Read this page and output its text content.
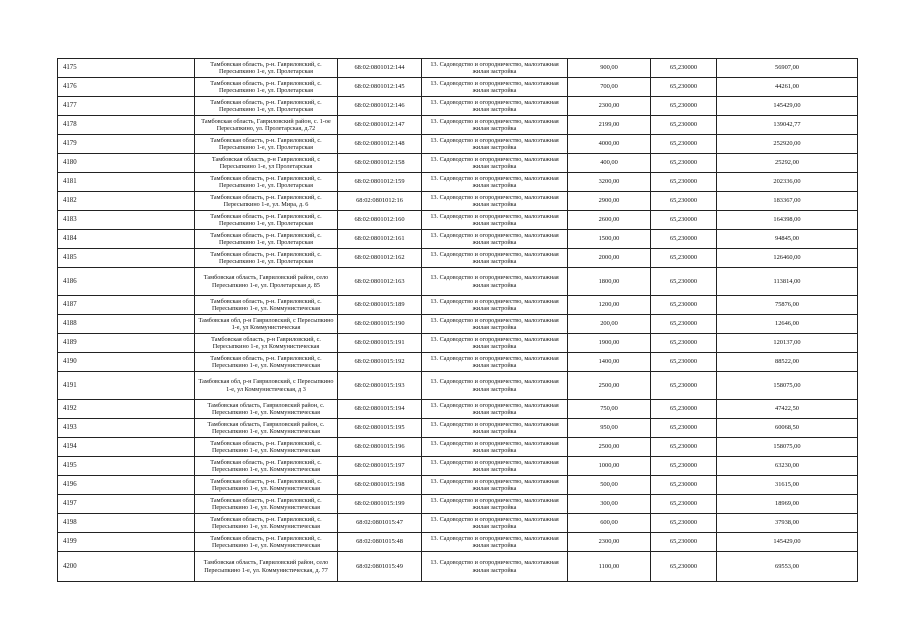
4175	Тамбовская область, р-н. Гавриловский, с. Пересыпкино 1-е, ул. Пролетарская	68:02:0801012:144	13. Садоводство и огородничество, малоэтажная жилая застройка	900,00	65,230000	56907,00
4176	Тамбовская область, р-н. Гавриловский, с. Пересыпкино 1-е, ул. Пролетарская	68:02:0801012:145	13. Садоводство и огородничество, малоэтажная жилая застройка	700,00	65,230000	44261,00
4177	Тамбовская область, р-н. Гавриловский, с. Пересыпкино 1-е, ул. Пролетарская	68:02:0801012:146	13. Садоводство и огородничество, малоэтажная жилая застройка	2300,00	65,230000	145429,00
4178	Тамбовская область, Гавриловский район, с. 1-ое Пересыпкино, ул. Пролетарская, д.72	68:02:0801012:147	13. Садоводство и огородничество, малоэтажная жилая застройка	2199,00	65,230000	139042,77
4179	Тамбовская область, р-н. Гавриловский, с. Пересыпкино 1-е, ул. Пролетарская	68:02:0801012:148	13. Садоводство и огородничество, малоэтажная жилая застройка	4000,00	65,230000	252920,00
4180	Тамбовская область, р-н Гавриловский, с Пересыпкино 1-е, ул Пролетарская	68:02:0801012:158	13. Садоводство и огородничество, малоэтажная жилая застройка	400,00	65,230000	25292,00
4181	Тамбовская область, р-н. Гавриловский, с. Пересыпкино 1-е, ул. Пролетарская	68:02:0801012:159	13. Садоводство и огородничество, малоэтажная жилая застройка	3200,00	65,230000	202336,00
4182	Тамбовская область, р-н. Гавриловский, с. Пересыпкино 1-е, ул. Мира, д. 6	68:02:0801012:16	13. Садоводство и огородничество, малоэтажная жилая застройка	2900,00	65,230000	183367,00
4183	Тамбовская область, р-н. Гавриловский, с. Пересыпкино 1-е, ул. Пролетарская	68:02:0801012:160	13. Садоводство и огородничество, малоэтажная жилая застройка	2600,00	65,230000	164398,00
4184	Тамбовская область, р-н. Гавриловский, с. Пересыпкино 1-е, ул. Пролетарская	68:02:0801012:161	13. Садоводство и огородничество, малоэтажная жилая застройка	1500,00	65,230000	94845,00
4185	Тамбовская область, р-н. Гавриловский, с. Пересыпкино 1-е, ул. Пролетарская	68:02:0801012:162	13. Садоводство и огородничество, малоэтажная жилая застройка	2000,00	65,230000	126460,00
4186	Тамбовская область, Гавриловский район, село Пересыпкино 1-е, ул. Пролетарская д. 85	68:02:0801012:163	13. Садоводство и огородничество, малоэтажная жилая застройка	1800,00	65,230000	113814,00
4187	Тамбовская область, р-н. Гавриловский, с. Пересыпкино 1-е, ул. Коммунистическая	68:02:0801015:189	13. Садоводство и огородничество, малоэтажная жилая застройка	1200,00	65,230000	75876,00
4188	Тамбовская обл, р-н Гавриловский, с Пересыпкино 1-е, ул Коммунистическая	68:02:0801015:190	13. Садоводство и огородничество, малоэтажная жилая застройка	200,00	65,230000	12646,00
4189	Тамбовская область, р-н Гавриловский, с. Пересыпкино 1-е, ул Коммунистическая	68:02:0801015:191	13. Садоводство и огородничество, малоэтажная жилая застройка	1900,00	65,230000	120137,00
4190	Тамбовская область, р-н. Гавриловский, с. Пересыпкино 1-е, ул. Коммунистическая	68:02:0801015:192	13. Садоводство и огородничество, малоэтажная жилая застройка	1400,00	65,230000	88522,00
4191	Тамбовская обл, р-н Гавриловский, с Пересыпкино 1-е, ул Коммунистическая, д 3	68:02:0801015:193	13. Садоводство и огородничество, малоэтажная жилая застройка	2500,00	65,230000	158075,00
4192	Тамбовская область, Гавриловский район, с. Пересыпкино 1-е, ул. Коммунистическая	68:02:0801015:194	13. Садоводство и огородничество, малоэтажная жилая застройка	750,00	65,230000	47422,50
4193	Тамбовская область, Гавриловский район, с. Пересыпкино 1-е, ул. Коммунистическая	68:02:0801015:195	13. Садоводство и огородничество, малоэтажная жилая застройка	950,00	65,230000	60068,50
4194	Тамбовская область, р-н. Гавриловский, с. Пересыпкино 1-е, ул. Коммунистическая	68:02:0801015:196	13. Садоводство и огородничество, малоэтажная жилая застройка	2500,00	65,230000	158075,00
4195	Тамбовская область, р-н. Гавриловский, с. Пересыпкино 1-е, ул. Коммунистическая	68:02:0801015:197	13. Садоводство и огородничество, малоэтажная жилая застройка	1000,00	65,230000	63230,00
4196	Тамбовская область, р-н. Гавриловский, с. Пересыпкино 1-е, ул. Коммунистическая	68:02:0801015:198	13. Садоводство и огородничество, малоэтажная жилая застройка	500,00	65,230000	31615,00
4197	Тамбовская область, р-н. Гавриловский, с. Пересыпкино 1-е, ул. Коммунистическая	68:02:0801015:199	13. Садоводство и огородничество, малоэтажная жилая застройка	300,00	65,230000	18969,00
4198	Тамбовская область, р-н. Гавриловский, с. Пересыпкино 1-е, ул. Коммунистическая	68:02:0801015:47	13. Садоводство и огородничество, малоэтажная жилая застройка	600,00	65,230000	37938,00
4199	Тамбовская область, р-н. Гавриловский, с. Пересыпкино 1-е, ул. Коммунистическая	68:02:0801015:48	13. Садоводство и огородничество, малоэтажная жилая застройка	2300,00	65,230000	145429,00
4200	Тамбовская область, Гавриловский район, село Пересыпкино 1-е, ул. Коммунистическая, д. 77	68:02:0801015:49	13. Садоводство и огородничество, малоэтажная жилая застройка	1100,00	65,230000	69553,00
